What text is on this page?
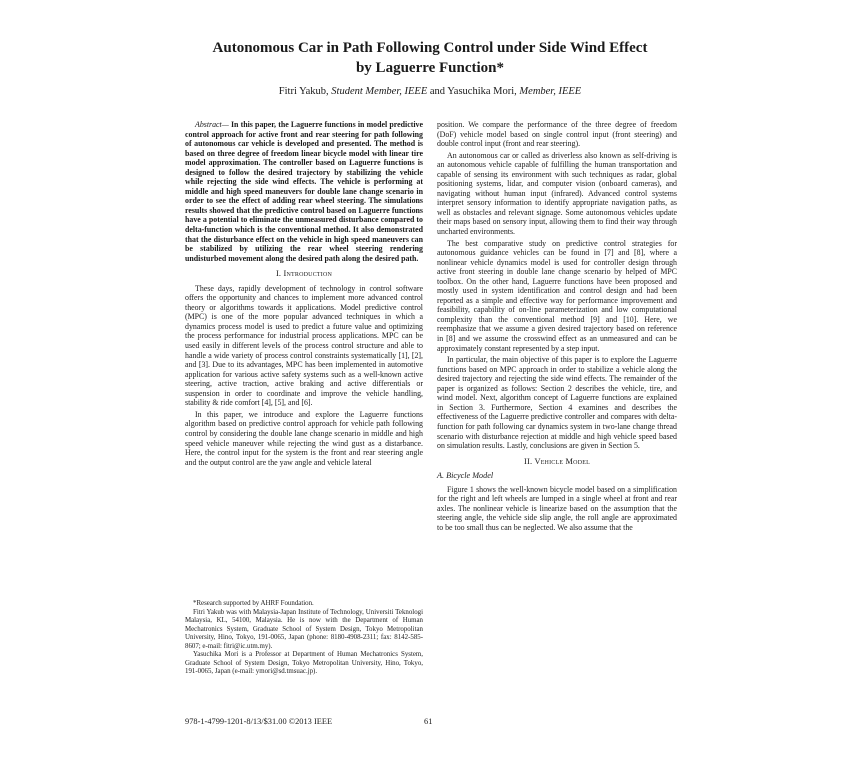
Autonomous Car in Path Following Control under Side Wind Effect
by Laguerre Function*
Fitri Yakub, Student Member, IEEE and Yasuchika Mori, Member, IEEE

Abstract— In this paper, the Laguerre functions in model predictive control approach for active front and rear steering for path following of autonomous car vehicle is developed and presented. The method is based on three degree of freedom linear bicycle model with linear tire model approximation. The controller based on Laguerre functions is designed to follow the desired trajectory by stabilizing the vehicle while rejecting the side wind effects. The vehicle is performing at middle and high speed maneuvers for double lane change scenario in order to see the effect of adding rear wheel steering. The simulations results showed that the predictive control based on Laguerre functions have a potential to eliminate the unmeasured disturbance compared to delta-function which is the conventional method. It also demonstrated that the disturbance effect on the vehicle in high speed maneuvers can be stabilized by utilizing the rear wheel steering rendering undisturbed movement along the desired path along the desired path.

I. Introduction

These days, rapidly development of technology in control software offers the opportunity and chances to implement more advanced control theory or algorithms towards it applications. Model predictive control (MPC) is one of the more popular advanced techniques in which a dynamics process model is used to predict a future value and optimizing the process performance for industrial process applications. MPC can be used easily in different levels of the process control structure and able to handle a wide variety of process control constraints systematically [1], [2], and [3]. Due to its advantages, MPC has been implemented in automotive application for various active safety systems such as a well-known active steering, active traction, active braking and active differentials or suspension in order to coordinate and improve the vehicle handling, stability & ride comfort [4], [5], and [6].

In this paper, we introduce and explore the Laguerre functions algorithm based on predictive control approach for vehicle path following control by considering the double lane change scenario in middle and high speed vehicle maneuver while rejecting the wind gust as a distarbance. Here, the control input for the system is the front and rear steering angle and the output control are the yaw angle and vehicle lateral

*Research supported by AHRF Foundation.

Fitri Yakub was with Malaysia-Japan Institute of Technology, Universiti Teknologi Malaysia, KL, 54100, Malaysia. He is now with the Department of Human Mechatronics System, Graduate School of System Design, Tokyo Metropolitan University, Hino, Tokyo, 191-0065, Japan (phone: 8180-4908-2311; fax: 8142-585-8607; e-mail: fitri@ic.utm.my).

Yasuchika Mori is a Professor at Department of Human Mechatronics System, Graduate School of System Design, Tokyo Metropolitan University, Hino, Tokyo, 191-0065, Japan (e-mail: ymori@sd.tmsuac.jp).

position. We compare the performance of the three degree of freedom (DoF) vehicle model based on single control input (front steering) and double control input (front and rear steering).

An autonomous car or called as driverless also known as self-driving is an autonomous vehicle capable of fulfilling the human transportation and capable of sensing its environment with such techniques as radar, global positioning systems, lidar, and computer vision (onboard cameras), and navigating without human input (infrared). Advanced control systems interpret sensory information to identify appropriate navigation paths, as well as obstacles and relevant signage. Some autonomous vehicles update their maps based on sensory input, allowing them to find their way through uncharted environments.

The best comparative study on predictive control strategies for autonomous guidance vehicles can be found in [7] and [8], where a nonlinear vehicle dynamics model is used for controller design through active front steering in double lane change scenario by helped of MPC toolbox. On the other hand, Laguerre functions have been proposed and mostly used in system identification and control design and had been reported as a simple and effective way for performance improvement and feasibility, capability of on-line parameterization and low computational complexity than the conventional method [9] and [10]. Here, we reemphasize that we assume a given desired trajectory based on reference in [8] and we assume the crosswind effect as an unmeasured and can be approximately constant represented by a step input.

In particular, the main objective of this paper is to explore the Laguerre functions based on MPC approach in order to stabilize a vehicle along the desired trajectory and rejecting the side wind effects. The remainder of the paper is organized as follows: Section 2 describes the vehicle, tire, and wind model. Next, algorithm concept of Laguerre functions are explained in Section 3. Furthermore, Section 4 examines and describes the effectiveness of the Laguerre predictive controller and compares with delta-function for path following car dynamics system in two-lane change thread scenario with disturbance rejection at middle and high vehicle speed based on simulation results. Lastly, conclusions are given in Section 5.

II. Vehicle Model
A. Bicycle Model

Figure 1 shows the well-known bicycle model based on a simplification for the right and left wheels are lumped in a single wheel at front and rear axles. The nonlinear vehicle is linearize based on the assumption that the steering angle, the vehicle side slip angle, the roll angle are approximated to be too small thus can be neglected. We also assume that the

978-1-4799-1201-8/13/$31.00 ©2013 IEEE	61
